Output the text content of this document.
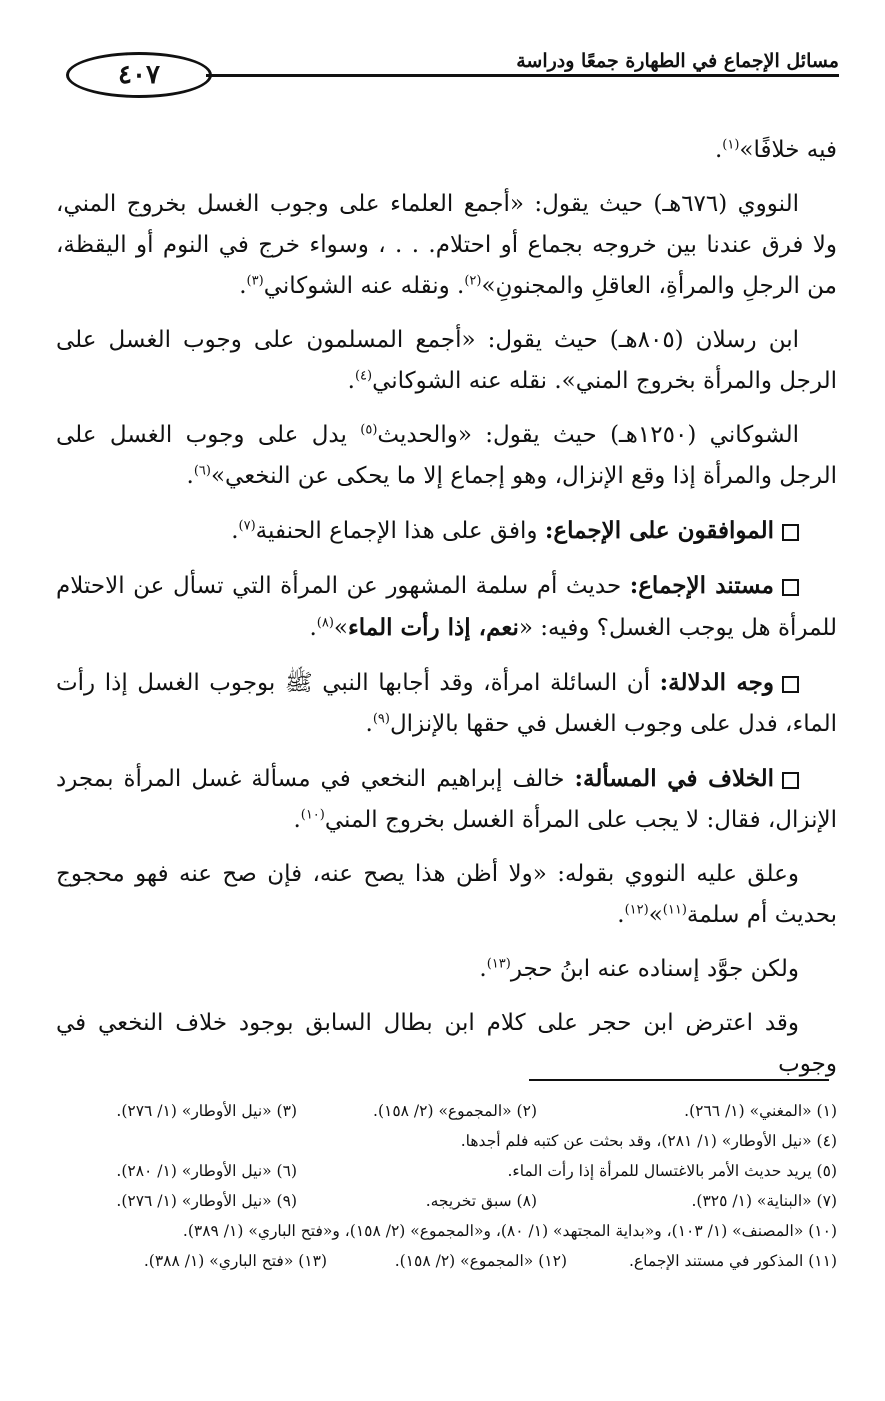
٤٠٧	مسائل الإجماع في الطهارة جمعًا ودراسة

فيه خلافًا»$^{(١)}$.

النووي (٦٧٦هـ) حيث يقول: «أجمع العلماء على وجوب الغسل بخروج المني، ولا فرق عندنا بين خروجه بجماع أو احتلام. . . ، وسواء خرج في النوم أو اليقظة، من الرجلِ والمرأةِ، العاقلِ والمجنونِ»$^{(٢)}$. ونقله عنه الشوكاني$^{(٣)}$.

ابن رسلان (٨٠٥هـ) حيث يقول: «أجمع المسلمون على وجوب الغسل على الرجل والمرأة بخروج المني». نقله عنه الشوكاني$^{(٤)}$.

الشوكاني (١٢٥٠هـ) حيث يقول: «والحديث$^{(٥)}$ يدل على وجوب الغسل على الرجل والمرأة إذا وقع الإنزال، وهو إجماع إلا ما يحكى عن النخعي»$^{(٦)}$.

الموافقون على الإجماع: وافق على هذا الإجماع الحنفية$^{(٧)}$.

مستند الإجماع: حديث أم سلمة المشهور عن المرأة التي تسأل عن الاحتلام للمرأة هل يوجب الغسل؟ وفيه: «نعم، إذا رأت الماء»$^{(٨)}$.

وجه الدلالة: أن السائلة امرأة، وقد أجابها النبي ﷺ بوجوب الغسل إذا رأت الماء، فدل على وجوب الغسل في حقها بالإنزال$^{(٩)}$.

الخلاف في المسألة: خالف إبراهيم النخعي في مسألة غسل المرأة بمجرد الإنزال، فقال: لا يجب على المرأة الغسل بخروج المني$^{(١٠)}$.

وعلق عليه النووي بقوله: «ولا أظن هذا يصح عنه، فإن صح عنه فهو محجوج بحديث أم سلمة$^{(١١)}$»$^{(١٢)}$.

ولكن جوَّد إسناده عنه ابنُ حجر$^{(١٣)}$.

وقد اعترض ابن حجر على كلام ابن بطال السابق بوجود خلاف النخعي في وجوب

(١) «المغني» (١/ ٢٦٦).
(٢) «المجموع» (٢/ ١٥٨).
(٣) «نيل الأوطار» (١/ ٢٧٦).
(٤) «نيل الأوطار» (١/ ٢٨١)، وقد بحثت عن كتبه فلم أجدها.
(٥) يريد حديث الأمر بالاغتسال للمرأة إذا رأت الماء.
(٦) «نيل الأوطار» (١/ ٢٨٠).
(٧) «البناية» (١/ ٣٢٥).
(٨) سبق تخريجه.
(٩) «نيل الأوطار» (١/ ٢٧٦).
(١٠) «المصنف» (١/ ١٠٣)، و«بداية المجتهد» (١/ ٨٠)، و«المجموع» (٢/ ١٥٨)، و«فتح الباري» (١/ ٣٨٩).
(١١) المذكور في مستند الإجماع.
(١٢) «المجموع» (٢/ ١٥٨).
(١٣) «فتح الباري» (١/ ٣٨٨).
